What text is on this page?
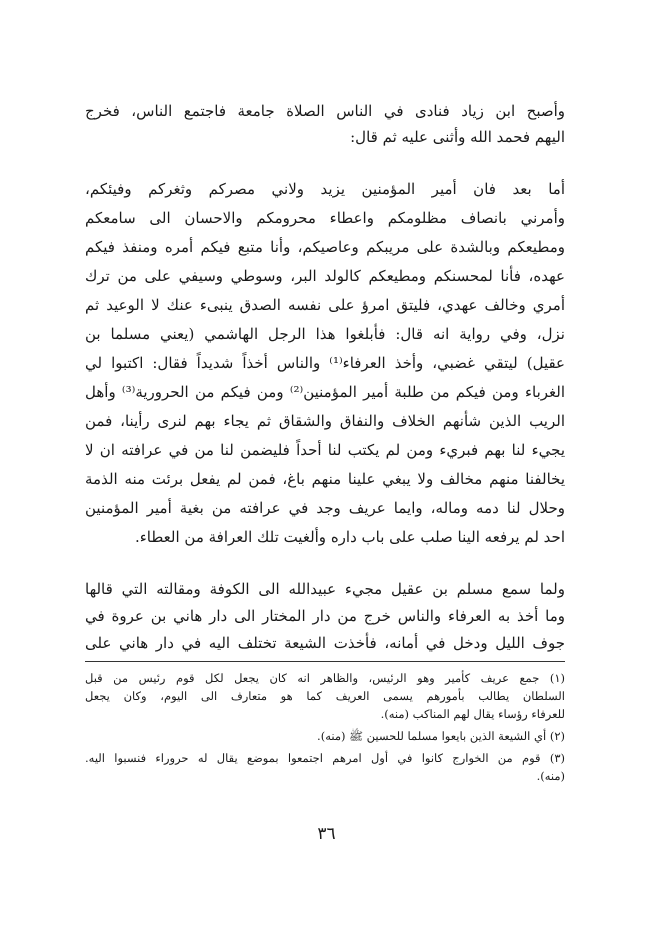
وأصبح ابن زياد فنادى في الناس الصلاة جامعة فاجتمع الناس، فخرج
اليهم فحمد الله وأثنى عليه ثم قال:
أما بعد فان أمير المؤمنين يزيد ولاني مصركم وثغركم وفيئكم،
وأمرني بانصاف مظلومكم واعطاء محرومكم والاحسان الى سامعكم
ومطيعكم وبالشدة على مريبكم وعاصيكم، وأنا متبع فيكم أمره ومنفذ فيكم
عهده، فأنا لمحسنكم ومطيعكم كالولد البر، وسوطي وسيفي على من ترك
أمري وخالف عهدي، فليتق امرؤ على نفسه الصدق ينبىء عنك لا الوعيد ثم
نزل، وفي رواية انه قال: فأبلغوا هذا الرجل الهاشمي (يعني مسلما بن
عقيل) ليتقي غضبي، وأخذ العرفاء⁽¹⁾ والناس أخذاً شديداً فقال: اكتبوا لي
الغرباء ومن فيكم من طلبة أمير المؤمنين⁽²⁾ ومن فيكم من الحرورية⁽³⁾ وأهل
الريب الذين شأنهم الخلاف والنفاق والشقاق ثم يجاء بهم لنرى رأينا، فمن
يجيء لنا بهم فبريء ومن لم يكتب لنا أحداً فليضمن لنا من في عرافته ان لا
يخالفنا منهم مخالف ولا يبغي علينا منهم باغ، فمن لم يفعل برئت منه الذمة
وحلال لنا دمه وماله، وايما عريف وجد في عرافته من بغية أمير المؤمنين
احد لم يرفعه الينا صلب على باب داره وألغيت تلك العرافة من العطاء.
ولما سمع مسلم بن عقيل مجيء عبيدالله الى الكوفة ومقالته التي قالها
وما أخذ به العرفاء والناس خرج من دار المختار الى دار هاني بن عروة في
جوف الليل ودخل في أمانه، فأخذت الشيعة تختلف اليه في دار هاني على
(١) جمع عريف كأمير وهو الرئيس، والظاهر انه كان يجعل لكل قوم رئيس من قبل
السلطان يطالب بأمورهم يسمى العريف كما هو متعارف الى اليوم، وكان يجعل
للعرفاء رؤساء يقال لهم المناكب (منه).
(٢) أي الشيعة الذين بايعوا مسلما للحسين ﷺ (منه).
(٣) قوم من الخوارج كانوا في أول امرهم اجتمعوا بموضع يقال له حروراء فنسبوا اليه.
(منه).
٣٦
